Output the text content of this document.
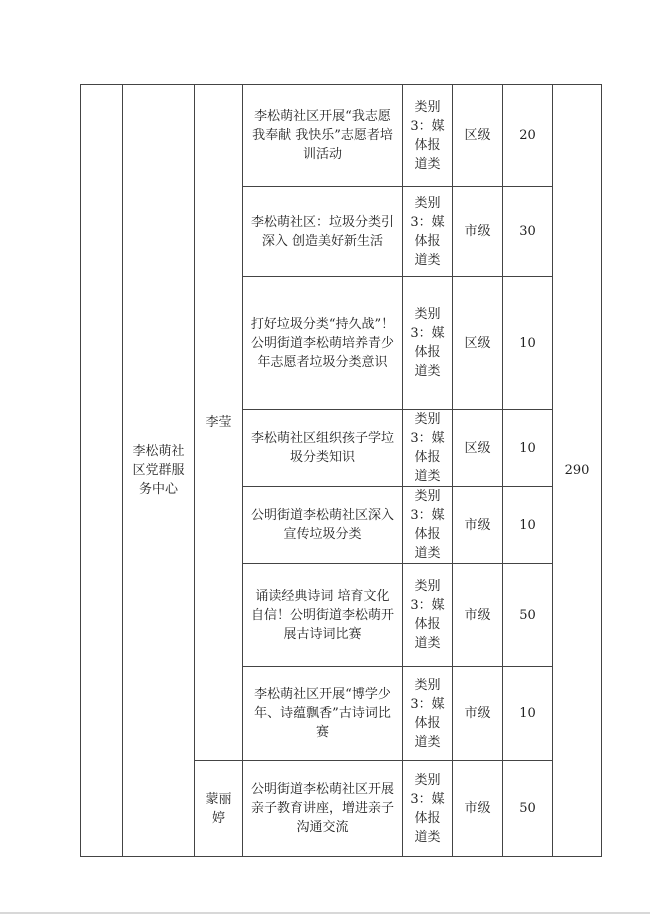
	李松萌社区党群服务中心	李莹	李松萌社区开展“我志愿 我奉献 我快乐”志愿者培训活动	类别3：媒体报道类	区级	20	290
			李松萌社区：垃圾分类引深入 创造美好新生活	类别3：媒体报道类	市级	30	
			打好垃圾分类“持久战”！公明街道李松萌培养青少年志愿者垃圾分类意识	类别3：媒体报道类	区级	10	
			李松萌社区组织孩子学垃圾分类知识	类别3：媒体报道类	区级	10	
			公明街道李松萌社区深入宣传垃圾分类	类别3：媒体报道类	市级	10	
			诵读经典诗词 培育文化自信！公明街道李松萌开展古诗词比赛	类别3：媒体报道类	市级	50	
			李松萌社区开展“博学少年、诗蕴飘香”古诗词比赛	类别3：媒体报道类	市级	10	
		蒙丽婷	公明街道李松萌社区开展亲子教育讲座，增进亲子沟通交流	类别3：媒体报道类	市级	50	
